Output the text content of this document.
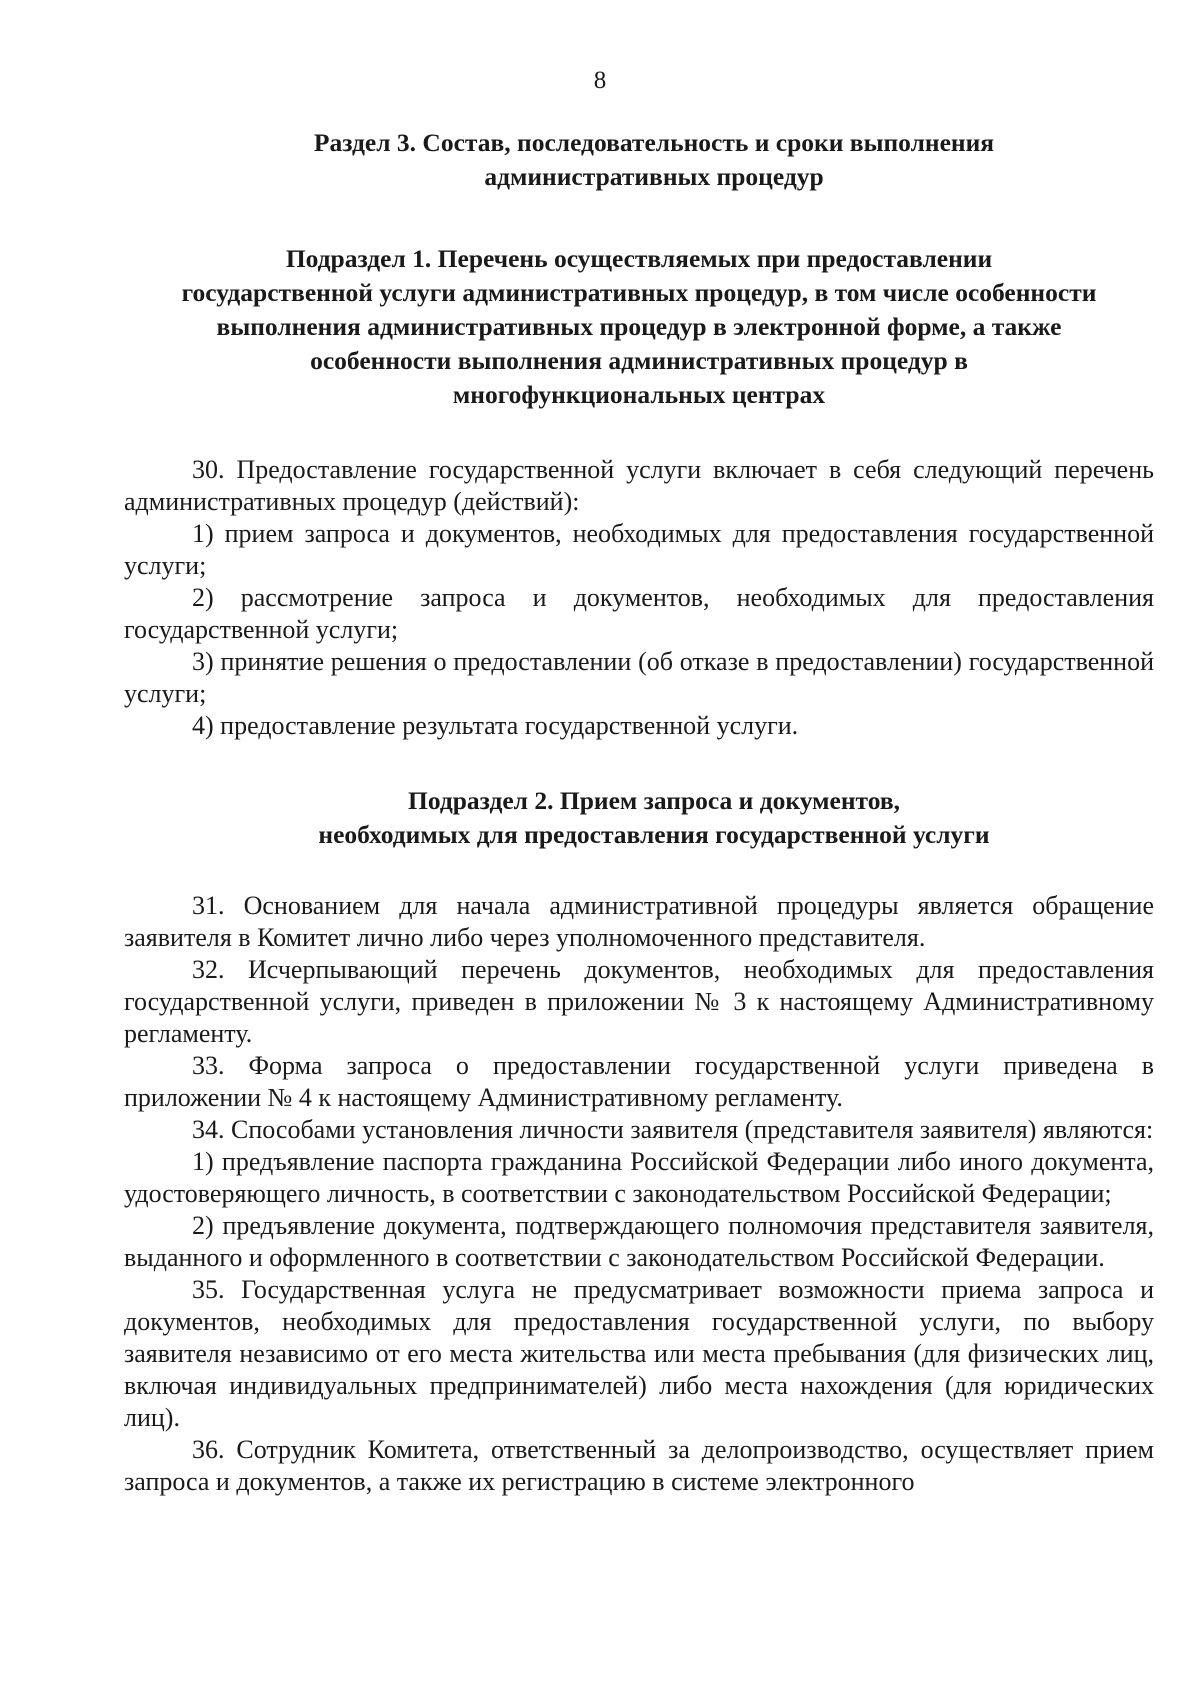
8
Раздел 3. Состав, последовательность и сроки выполнения
административных процедур
Подраздел 1. Перечень осуществляемых при предоставлении
государственной услуги административных процедур, в том числе особенности
выполнения административных процедур в электронной форме, а также
особенности выполнения административных процедур в
многофункциональных центрах

30. Предоставление государственной услуги включает в себя следующий перечень административных процедур (действий):

1) прием запроса и документов, необходимых для предоставления государственной услуги;

2) рассмотрение запроса и документов, необходимых для предоставления государственной услуги;

3) принятие решения о предоставлении (об отказе в предоставлении) государственной услуги;

4) предоставление результата государственной услуги.

Подраздел 2. Прием запроса и документов,
необходимых для предоставления государственной услуги

31. Основанием для начала административной процедуры является обращение заявителя в Комитет лично либо через уполномоченного представителя.

32. Исчерпывающий перечень документов, необходимых для предоставления государственной услуги, приведен в приложении № 3 к настоящему Административному регламенту.

33. Форма запроса о предоставлении государственной услуги приведена в приложении № 4 к настоящему Административному регламенту.

34. Способами установления личности заявителя (представителя заявителя) являются:

1) предъявление паспорта гражданина Российской Федерации либо иного документа, удостоверяющего личность, в соответствии с законодательством Российской Федерации;

2) предъявление документа, подтверждающего полномочия представителя заявителя, выданного и оформленного в соответствии с законодательством Российской Федерации.

35. Государственная услуга не предусматривает возможности приема запроса и документов, необходимых для предоставления государственной услуги, по выбору заявителя независимо от его места жительства или места пребывания (для физических лиц, включая индивидуальных предпринимателей) либо места нахождения (для юридических лиц).

36. Сотрудник Комитета, ответственный за делопроизводство, осуществляет прием запроса и документов, а также их регистрацию в системе электронного
